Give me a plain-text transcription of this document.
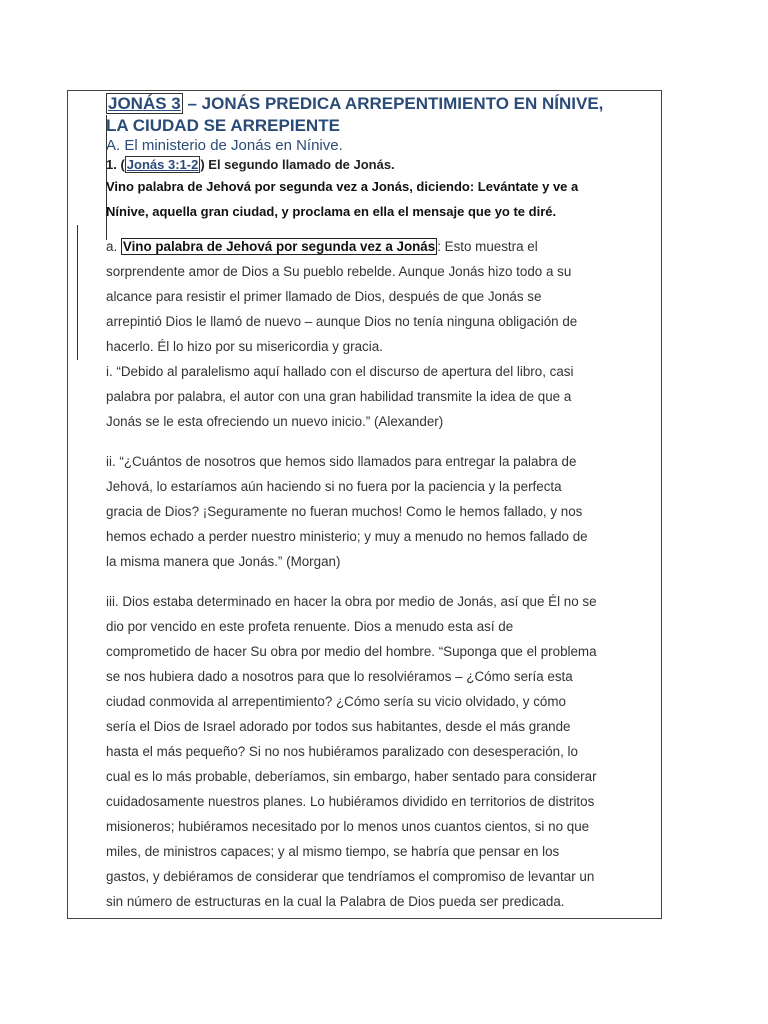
JONÁS 3 – JONÁS PREDICA ARREPENTIMIENTO EN NÍNIVE,

LA CIUDAD SE ARREPIENTE

A. El ministerio de Jonás en Nínive.

1. ( Jonás 3:1-2 ) El segundo llamado de Jonás.

Vino palabra de Jehová por segunda vez a Jonás, diciendo: Levántate y ve a

Nínive, aquella gran ciudad, y proclama en ella el mensaje que yo te diré.

a. Vino palabra de Jehová por segunda vez a Jonás : Esto muestra el

sorprendente amor de Dios a Su pueblo rebelde. Aunque Jonás hizo todo a su

alcance para resistir el primer llamado de Dios, después de que Jonás se

arrepintió Dios le llamó de nuevo – aunque Dios no tenía ninguna obligación de

hacerlo. Él lo hizo por su misericordia y gracia.

i. “Debido al paralelismo aquí hallado con el discurso de apertura del libro, casi

palabra por palabra, el autor con una gran habilidad transmite la idea de que a

Jonás se le esta ofreciendo un nuevo inicio.” (Alexander)

ii. “¿Cuántos de nosotros que hemos sido llamados para entregar la palabra de

Jehová, lo estaríamos aún haciendo si no fuera por la paciencia y la perfecta

gracia de Dios? ¡Seguramente no fueran muchos! Como le hemos fallado, y nos

hemos echado a perder nuestro ministerio; y muy a menudo no hemos fallado de

la misma manera que Jonás.” (Morgan)

iii. Dios estaba determinado en hacer la obra por medio de Jonás, así que Él no se

dio por vencido en este profeta renuente. Dios a menudo esta así de

comprometido de hacer Su obra por medio del hombre. “Suponga que el problema

se nos hubiera dado a nosotros para que lo resolviéramos – ¿Cómo sería esta

ciudad conmovida al arrepentimiento? ¿Cómo sería su vicio olvidado, y cómo

sería el Dios de Israel adorado por todos sus habitantes, desde el más grande

hasta el más pequeño? Si no nos hubiéramos paralizado con desesperación, lo

cual es lo más probable, deberíamos, sin embargo, haber sentado para considerar

cuidadosamente nuestros planes. Lo hubiéramos dividido en territorios de distritos

misioneros; hubiéramos necesitado por lo menos unos cuantos cientos, si no que

miles, de ministros capaces; y al mismo tiempo, se habría que pensar en los

gastos, y debiéramos de considerar que tendríamos el compromiso de levantar un

sin número de estructuras en la cual la Palabra de Dios pueda ser predicada.
